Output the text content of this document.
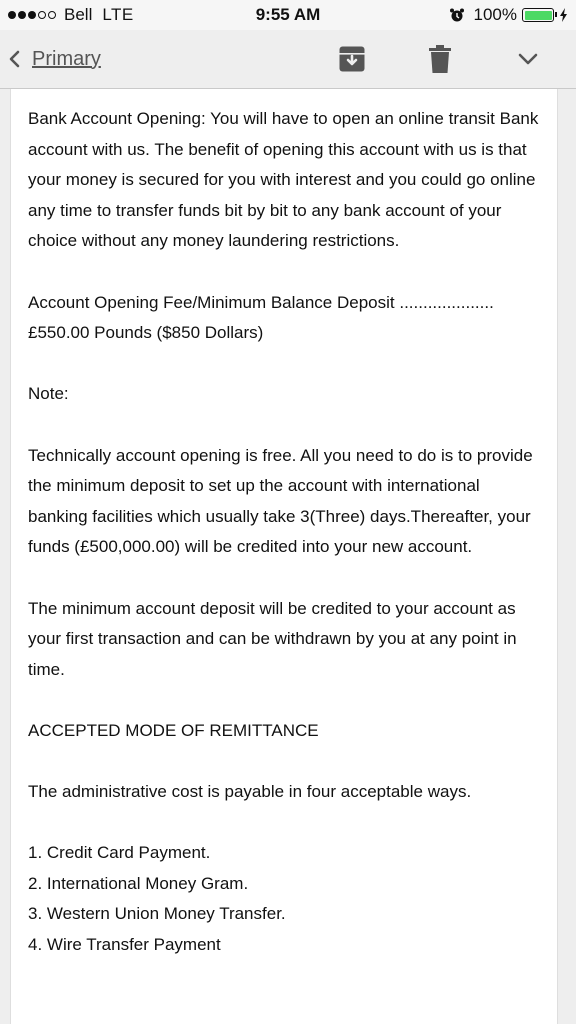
Bell LTE	9:55 AM	100%
Primary

Bank Account Opening: You will have to open an online transit Bank account with us. The benefit of opening this account with us is that your money is secured for you with interest and you could go online any time to transfer funds bit by bit to any bank account of your choice without any money laundering restrictions.

Account Opening Fee/Minimum Balance Deposit .................... £550.00 Pounds ($850 Dollars)

Note:

Technically account opening is free. All you need to do is to provide the minimum deposit to set up the account with international banking facilities which usually take 3(Three) days.Thereafter, your funds (£500,000.00) will be credited into your new account.

The minimum account deposit will be credited to your account as your first transaction and can be withdrawn by you at any point in time.

ACCEPTED MODE OF REMITTANCE

The administrative cost is payable in four acceptable ways.

1. Credit Card Payment.
2. International Money Gram.
3. Western Union Money Transfer.
4. Wire Transfer Payment
